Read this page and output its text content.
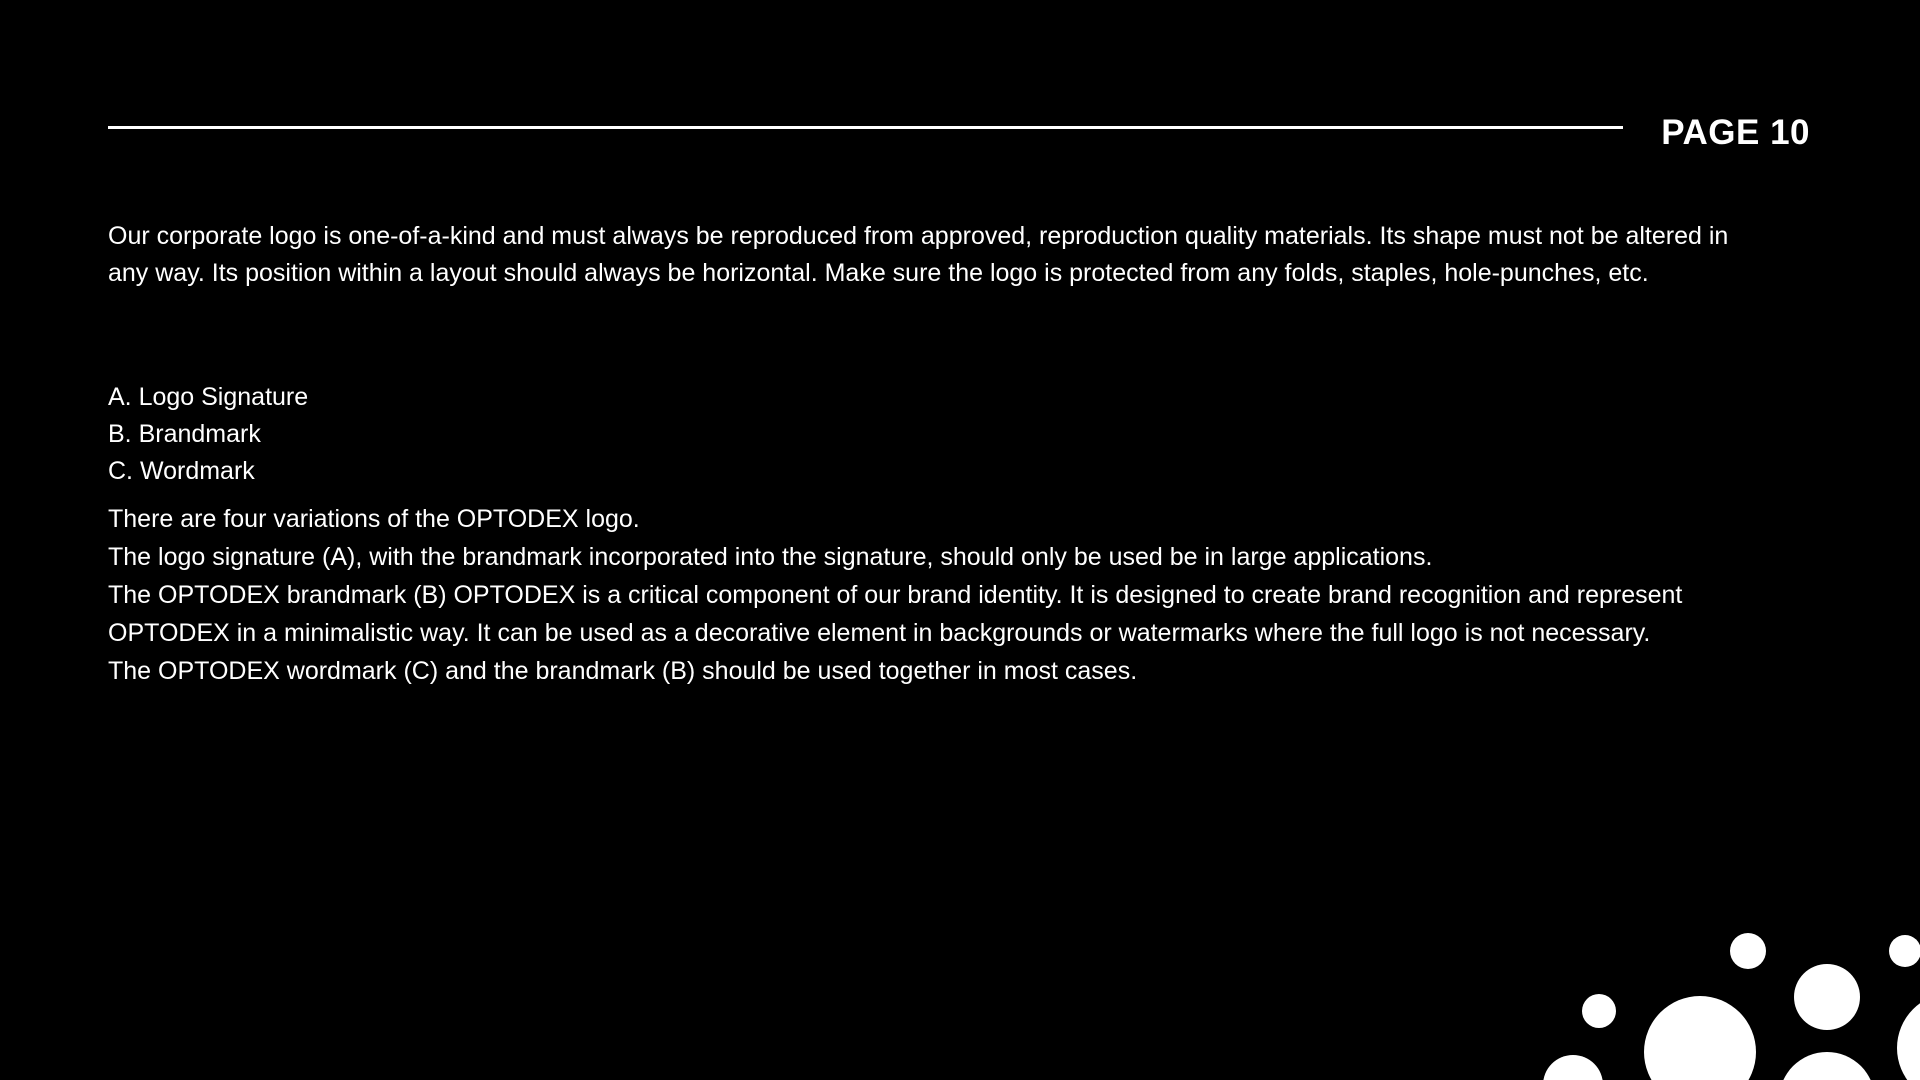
PAGE 10

Our corporate logo is one-of-a-kind and must always be reproduced from approved, reproduction quality materials. Its shape must not be altered in any way. Its position within a layout should always be horizontal. Make sure the logo is protected from any folds, staples, hole-punches, etc.

A. Logo Signature
B. Brandmark
C. Wordmark

There are four variations of the OPTODEX logo.

The logo signature (A), with the brandmark incorporated into the signature, should only be used be in large applications.

The OPTODEX brandmark (B) OPTODEX is a critical component of our brand identity. It is designed to create brand recognition and represent OPTODEX in a minimalistic way. It can be used as a decorative element in backgrounds or watermarks where the full logo is not necessary.

The OPTODEX wordmark (C) and the brandmark (B) should be used together in most cases.
